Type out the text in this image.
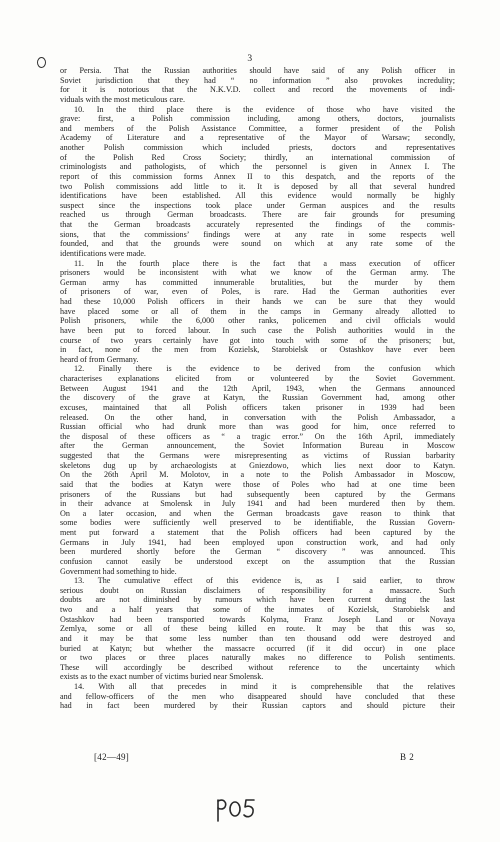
3
or Persia. That the Russian authorities should have said of any Polish officer in
Soviet jurisdiction that they had “ no information ” also provokes incredulity;
for it is notorious that the N.K.V.D. collect and record the movements of indi-
viduals with the most meticulous care.
10. In the third place there is the evidence of those who have visited the
grave: first, a Polish commission including, among others, doctors, journalists
and members of the Polish Assistance Committee, a former president of the Polish
Academy of Literature and a representative of the Mayor of Warsaw; secondly,
another Polish commission which included priests, doctors and representatives
of the Polish Red Cross Society; thirdly, an international commission of
criminologists and pathologists, of which the personnel is given in Annex I. The
report of this commission forms Annex II to this despatch, and the reports of the
two Polish commissions add little to it. It is deposed by all that several hundred
identifications have been established. All this evidence would normally be highly
suspect since the inspections took place under German auspices and the results
reached us through German broadcasts. There are fair grounds for presuming
that the German broadcasts accurately represented the findings of the commis-
sions, that the commissions’ findings were at any rate in some respects well
founded, and that the grounds were sound on which at any rate some of the
identifications were made.
11. In the fourth place there is the fact that a mass execution of officer
prisoners would be inconsistent with what we know of the German army. The
German army has committed innumerable brutalities, but the murder by them
of prisoners of war, even of Poles, is rare. Had the German authorities ever
had these 10,000 Polish officers in their hands we can be sure that they would
have placed some or all of them in the camps in Germany already allotted to
Polish prisoners, while the 6,000 other ranks, policemen and civil officials would
have been put to forced labour. In such case the Polish authorities would in the
course of two years certainly have got into touch with some of the prisoners; but,
in fact, none of the men from Kozielsk, Starobielsk or Ostashkov have ever been
heard of from Germany.
12. Finally there is the evidence to be derived from the confusion which
characterises explanations elicited from or volunteered by the Soviet Government.
Between August 1941 and the 12th April, 1943, when the Germans announced
the discovery of the grave at Katyn, the Russian Government had, among other
excuses, maintained that all Polish officers taken prisoner in 1939 had been
released. On the other hand, in conversation with the Polish Ambassador, a
Russian official who had drunk more than was good for him, once referred to
the disposal of these officers as “ a tragic error.” On the 16th April, immediately
after the German announcement, the Soviet Information Bureau in Moscow
suggested that the Germans were misrepresenting as victims of Russian barbarity
skeletons dug up by archaeologists at Gniezdowo, which lies next door to Katyn.
On the 26th April M. Molotov, in a note to the Polish Ambassador in Moscow,
said that the bodies at Katyn were those of Poles who had at one time been
prisoners of the Russians but had subsequently been captured by the Germans
in their advance at Smolensk in July 1941 and had been murdered then by them.
On a later occasion, and when the German broadcasts gave reason to think that
some bodies were sufficiently well preserved to be identifiable, the Russian Govern-
ment put forward a statement that the Polish officers had been captured by the
Germans in July 1941, had been employed upon construction work, and had only
been murdered shortly before the German “ discovery ” was announced. This
confusion cannot easily be understood except on the assumption that the Russian
Government had something to hide.
13. The cumulative effect of this evidence is, as I said earlier, to throw
serious doubt on Russian disclaimers of responsibility for a massacre. Such
doubts are not diminished by rumours which have been current during the last
two and a half years that some of the inmates of Kozielsk, Starobielsk and
Ostashkov had been transported towards Kolyma, Franz Joseph Land or Novaya
Zemlya, some or all of these being killed en route. It may be that this was so,
and it may be that some less number than ten thousand odd were destroyed and
buried at Katyn; but whether the massacre occurred (if it did occur) in one place
or two places or three places naturally makes no difference to Polish sentiments.
These will accordingly be described without reference to the uncertainty which
exists as to the exact number of victims buried near Smolensk.
14. With all that precedes in mind it is comprehensible that the relatives
and fellow-officers of the men who disappeared should have concluded that these
had in fact been murdered by their Russian captors and should picture their
[42—49]	B 2
